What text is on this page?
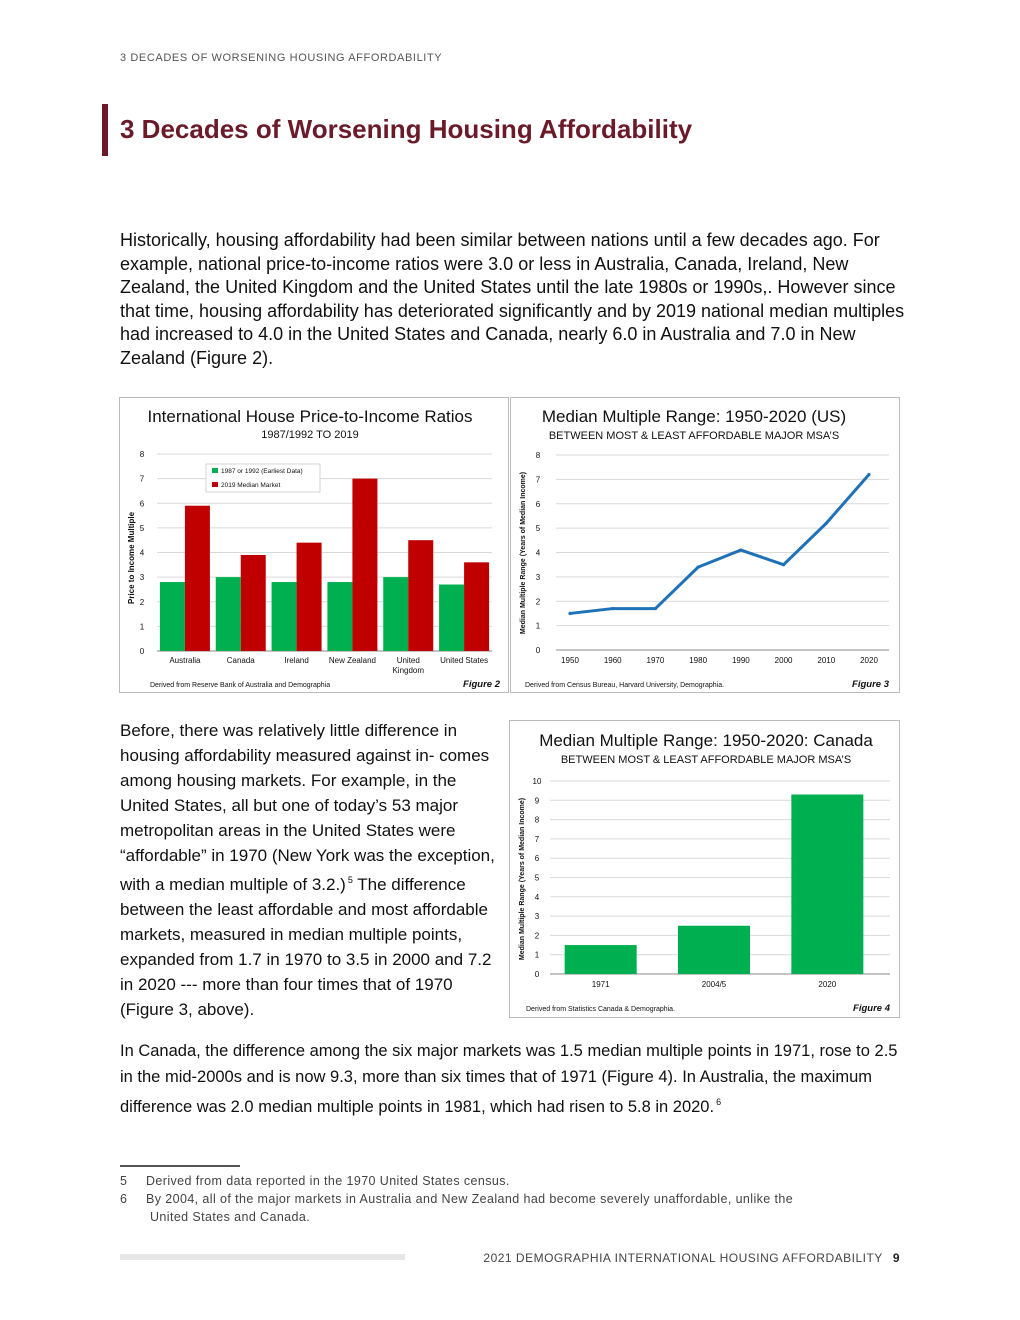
3 DECADES OF WORSENING HOUSING AFFORDABILITY
3 Decades of Worsening Housing Affordability

Historically, housing affordability had been similar between nations until a few decades ago. For example, national price-to-income ratios were 3.0 or less in Australia, Canada, Ireland, New Zealand, the United Kingdom and the United States until the late 1980s or 1990s,. However since that time, housing affordability has deteriorated significantly and by 2019 national median multiples had increased to 4.0 in the United States and Canada, nearly 6.0 in Australia and 7.0 in New Zealand (Figure 2).

International House Price-to-Income Ratios
1987/1992 TO 2019
0
1
2
3
4
5
6
7
8
Australia	Canada	Ireland	New Zealand	United
Kingdom
United States
Price to Income Multiple
1987 or 1992 (Earliest Data)
2019 Median Market
Derived from Reserve Bank of Australia and Demographia	Figure 2
Median Multiple Range: 1950-2020 (US)
BETWEEN MOST & LEAST AFFORDABLE MAJOR MSA’S
0
1
2
3
4
5
6
7
8
1950	1960	1970	1980	1990	2000	2010	2020
Median Multiple Range (Years of Median Income)
Derived from Census Bureau, Harvard University, Demographia.	Figure 3

Before, there was relatively little difference in housing affordability measured against in- comes among housing markets. For example, in the United States, all but one of today’s 53 major metropolitan areas in the United States were “affordable” in 1970 (New York was the exception, with a median multiple of 3.2.) $^5$ The difference between the least affordable and most affordable markets, measured in median multiple points, expanded from 1.7 in 1970 to 3.5 in 2000 and 7.2 in 2020 --- more than four times that of 1970 (Figure 3, above).

Median Multiple Range: 1950-2020: Canada
BETWEEN MOST & LEAST AFFORDABLE MAJOR MSA’S
0
1
2
3
4
5
6
7
8
9
10
1971	2004/5	2020
Median Multiple Range (Years of Median Income)
Derived from Statistics Canada & Demographia.	Figure 4

In Canada, the difference among the six major markets was 1.5 median multiple points in 1971, rose to 2.5 in the mid-2000s and is now 9.3, more than six times that of 1971 (Figure 4). In Australia, the maximum difference was 2.0 median multiple points in 1981, which had risen to 5.8 in 2020. $^6$

5 Derived from data reported in the 1970 United States census.
6 By 2004, all of the major markets in Australia and New Zealand had become severely unaffordable, unlike the
United States and Canada.
2021 DEMOGRAPHIA INTERNATIONAL HOUSING AFFORDABILITY 9
